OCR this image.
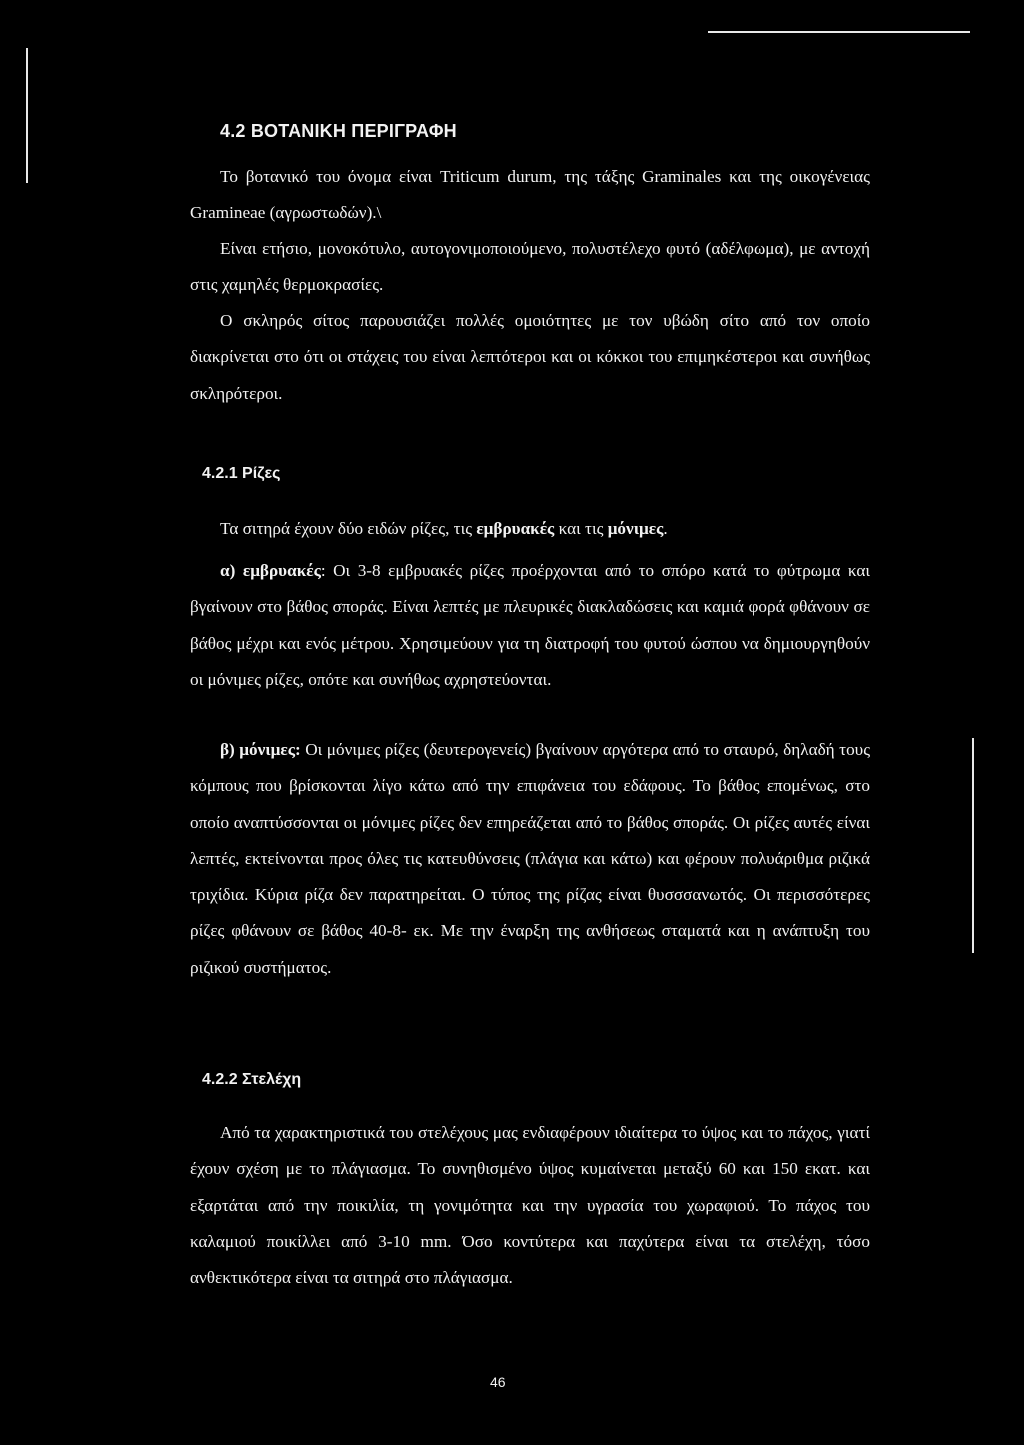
4.2 ΒΟΤΑΝΙΚΗ ΠΕΡΙΓΡΑΦΗ

Το βοτανικό του όνομα είναι Triticum durum, της τάξης Graminales και της οικογένειας Gramineae (αγρωστωδών).\

Είναι ετήσιο, μονοκότυλο, αυτογονιμοποιούμενο, πολυστέλεχο φυτό (αδέλφωμα), με αντοχή στις χαμηλές θερμοκρασίες.

Ο σκληρός σίτος παρουσιάζει πολλές ομοιότητες με τον υβώδη σίτο από τον οποίο διακρίνεται στο ότι οι στάχεις του είναι λεπτότεροι και οι κόκκοι του επιμηκέστεροι και συνήθως σκληρότεροι.

4.2.1 Ρίζες

Τα σιτηρά έχουν δύο ειδών ρίζες, τις εμβρυακές και τις μόνιμες.

α) εμβρυακές: Οι 3-8 εμβρυακές ρίζες προέρχονται από το σπόρο κατά το φύτρωμα και βγαίνουν στο βάθος σποράς. Είναι λεπτές με πλευρικές διακλαδώσεις και καμιά φορά φθάνουν σε βάθος μέχρι και ενός μέτρου. Χρησιμεύουν για τη διατροφή του φυτού ώσπου να δημιουργηθούν οι μόνιμες ρίζες, οπότε και συνήθως αχρηστεύονται.

β) μόνιμες: Οι μόνιμες ρίζες (δευτερογενείς) βγαίνουν αργότερα από το σταυρό, δηλαδή τους κόμπους που βρίσκονται λίγο κάτω από την επιφάνεια του εδάφους. Το βάθος επομένως, στο οποίο αναπτύσσονται οι μόνιμες ρίζες δεν επηρεάζεται από το βάθος σποράς. Οι ρίζες αυτές είναι λεπτές, εκτείνονται προς όλες τις κατευθύνσεις (πλάγια και κάτω) και φέρουν πολυάριθμα ριζικά τριχίδια. Κύρια ρίζα δεν παρατηρείται. Ο τύπος της ρίζας είναι θυσσσανωτός. Οι περισσότερες ρίζες φθάνουν σε βάθος 40-8- εκ. Με την έναρξη της ανθήσεως σταματά και η ανάπτυξη του ριζικού συστήματος.

4.2.2 Στελέχη

Από τα χαρακτηριστικά του στελέχους μας ενδιαφέρουν ιδιαίτερα το ύψος και το πάχος, γιατί έχουν σχέση με το πλάγιασμα. Το συνηθισμένο ύψος κυμαίνεται μεταξύ 60 και 150 εκατ. και εξαρτάται από την ποικιλία, τη γονιμότητα και την υγρασία του χωραφιού. Το πάχος του καλαμιού ποικίλλει από 3-10 mm. Όσο κοντύτερα και παχύτερα είναι τα στελέχη, τόσο ανθεκτικότερα είναι τα σιτηρά στο πλάγιασμα.

46
